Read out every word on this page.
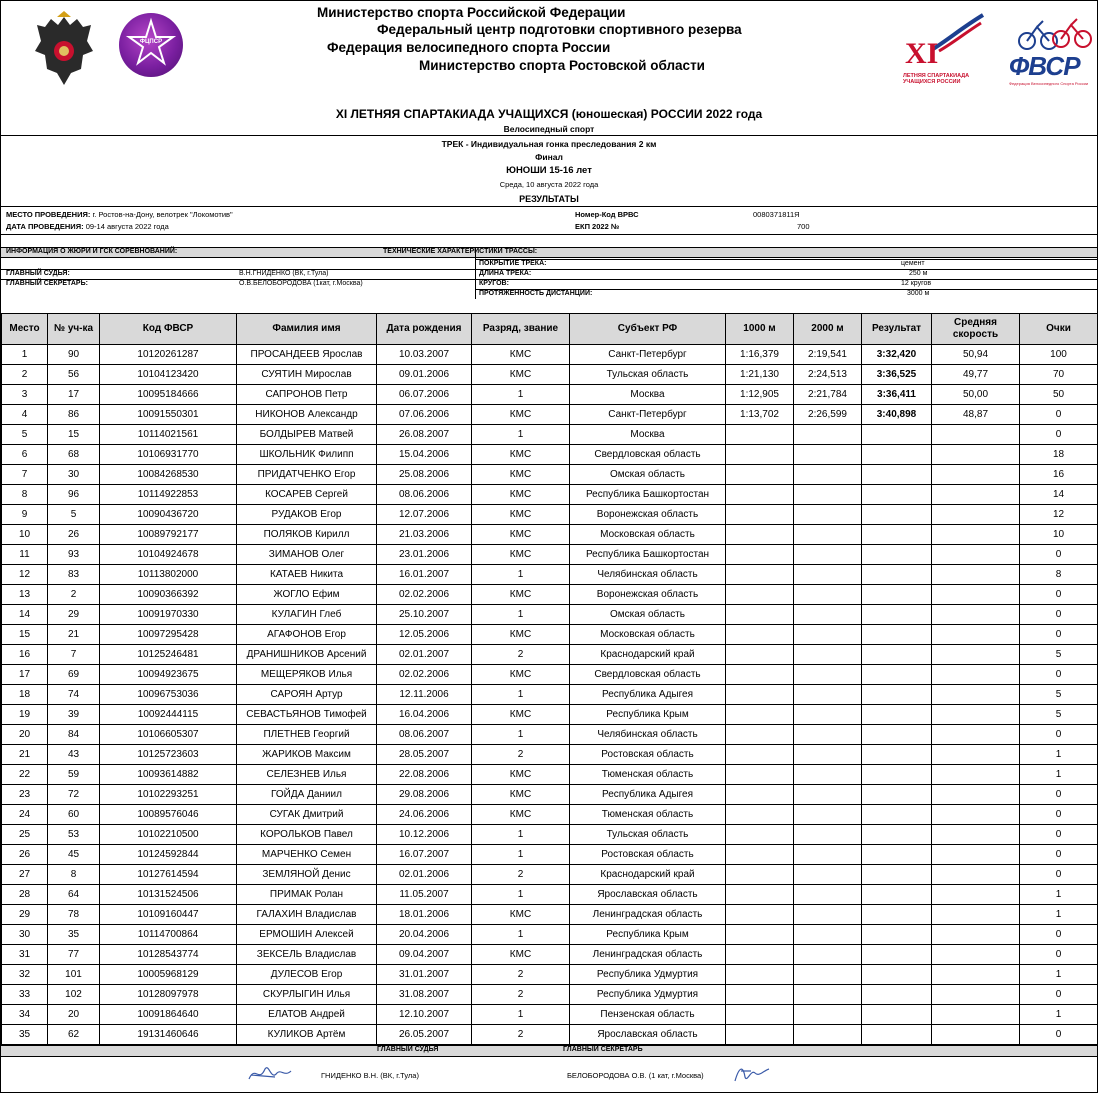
ФЦПСР
Министерство спорта Российской Федерации
Федеральный центр подготовки спортивного резерва
Федерация велосипедного спорта России
Министерство спорта Ростовской области	XI
ЛЕТНЯЯ СПАРТАКИАДА УЧАЩИХСЯ РОССИИ
ФВСР
Федерация Велосипедного Спорта России
XI ЛЕТНЯЯ СПАРТАКИАДА УЧАЩИХСЯ (юношеская) РОССИИ 2022 года
Велосипедный спорт
ТРЕК - Индивидуальная гонка преследования 2 км
Финал
ЮНОШИ 15-16 лет
Среда, 10 августа 2022 года
РЕЗУЛЬТАТЫ
МЕСТО ПРОВЕДЕНИЯ: г. Ростов-на-Дону, велотрек "Локомотив"
ДАТА ПРОВЕДЕНИЯ: 09-14 августа 2022 года
Номер-Код ВРВС	0080371811Я
ЕКП 2022 №	700
ИНФОРМАЦИЯ О ЖЮРИ И ГСК СОРЕВНОВАНИЙ:	ТЕХНИЧЕСКИЕ ХАРАКТЕРИСТИКИ ТРАССЫ:
ПОКРЫТИЕ ТРЕКА:	цемент
ГЛАВНЫЙ СУДЬЯ:	В.Н.ГНИДЕНКО (ВК, г.Тула)	ДЛИНА ТРЕКА:	250 м
ГЛАВНЫЙ СЕКРЕТАРЬ:	О.В.БЕЛОБОРОДОВА (1кат, г.Москва)	КРУГОВ:	12 кругов
ПРОТЯЖЕННОСТЬ ДИСТАНЦИИ:	3000 м
Место	№ уч-ка	Код ФВСР	Фамилия имя	Дата рождения	Разряд, звание	Субъект РФ	1000 м	2000 м	Результат	Средняя скорость	Очки
1	90	10120261287	ПРОСАНДЕЕВ Ярослав	10.03.2007	КМС	Санкт-Петербург	1:16,379	2:19,541	3:32,420	50,94	100
2	56	10104123420	СУЯТИН Мирослав	09.01.2006	КМС	Тульская область	1:21,130	2:24,513	3:36,525	49,77	70
3	17	10095184666	САПРОНОВ Петр	06.07.2006	1	Москва	1:12,905	2:21,784	3:36,411	50,00	50
4	86	10091550301	НИКОНОВ Александр	07.06.2006	КМС	Санкт-Петербург	1:13,702	2:26,599	3:40,898	48,87	0
5	15	10114021561	БОЛДЫРЕВ Матвей	26.08.2007	1	Москва					0
6	68	10106931770	ШКОЛЬНИК Филипп	15.04.2006	КМС	Свердловская область					18
7	30	10084268530	ПРИДАТЧЕНКО Егор	25.08.2006	КМС	Омская область					16
8	96	10114922853	КОСАРЕВ Сергей	08.06.2006	КМС	Республика Башкортостан					14
9	5	10090436720	РУДАКОВ Егор	12.07.2006	КМС	Воронежская область					12
10	26	10089792177	ПОЛЯКОВ Кирилл	21.03.2006	КМС	Московская область					10
11	93	10104924678	ЗИМАНОВ Олег	23.01.2006	КМС	Республика Башкортостан					0
12	83	10113802000	КАТАЕВ Никита	16.01.2007	1	Челябинская область					8
13	2	10090366392	ЖОГЛО Ефим	02.02.2006	КМС	Воронежская область					0
14	29	10091970330	КУЛАГИН Глеб	25.10.2007	1	Омская область					0
15	21	10097295428	АГАФОНОВ Егор	12.05.2006	КМС	Московская область					0
16	7	10125246481	ДРАНИШНИКОВ Арсений	02.01.2007	2	Краснодарский край					5
17	69	10094923675	МЕЩЕРЯКОВ Илья	02.02.2006	КМС	Свердловская область					0
18	74	10096753036	САРОЯН Артур	12.11.2006	1	Республика Адыгея					5
19	39	10092444115	СЕВАСТЬЯНОВ Тимофей	16.04.2006	КМС	Республика Крым					5
20	84	10106605307	ПЛЕТНЕВ Георгий	08.06.2007	1	Челябинская область					0
21	43	10125723603	ЖАРИКОВ Максим	28.05.2007	2	Ростовская область					1
22	59	10093614882	СЕЛЕЗНЕВ Илья	22.08.2006	КМС	Тюменская область					1
23	72	10102293251	ГОЙДА Даниил	29.08.2006	КМС	Республика Адыгея					0
24	60	10089576046	СУГАК Дмитрий	24.06.2006	КМС	Тюменская область					0
25	53	10102210500	КОРОЛЬКОВ Павел	10.12.2006	1	Тульская область					0
26	45	10124592844	МАРЧЕНКО Семен	16.07.2007	1	Ростовская область					0
27	8	10127614594	ЗЕМЛЯНОЙ Денис	02.01.2006	2	Краснодарский край					0
28	64	10131524506	ПРИМАК Ролан	11.05.2007	1	Ярославская область					1
29	78	10109160447	ГАЛАХИН Владислав	18.01.2006	КМС	Ленинградская область					1
30	35	10114700864	ЕРМОШИН Алексей	20.04.2006	1	Республика Крым					0
31	77	10128543774	ЗЕКСЕЛЬ Владислав	09.04.2007	КМС	Ленинградская область					0
32	101	10005968129	ДУЛЕСОВ Егор	31.01.2007	2	Республика Удмуртия					1
33	102	10128097978	СКУРЛЫГИН Илья	31.08.2007	2	Республика Удмуртия					0
34	20	10091864640	ЕЛАТОВ Андрей	12.10.2007	1	Пензенская область					1
35	62	19131460646	КУЛИКОВ Артём	26.05.2007	2	Ярославская область					0
ГЛАВНЫЙ СУДЬЯ	ГЛАВНЫЙ СЕКРЕТАРЬ
ГНИДЕНКО В.Н. (ВК, г.Тула)	БЕЛОБОРОДОВА О.В. (1 кат, г.Москва)
